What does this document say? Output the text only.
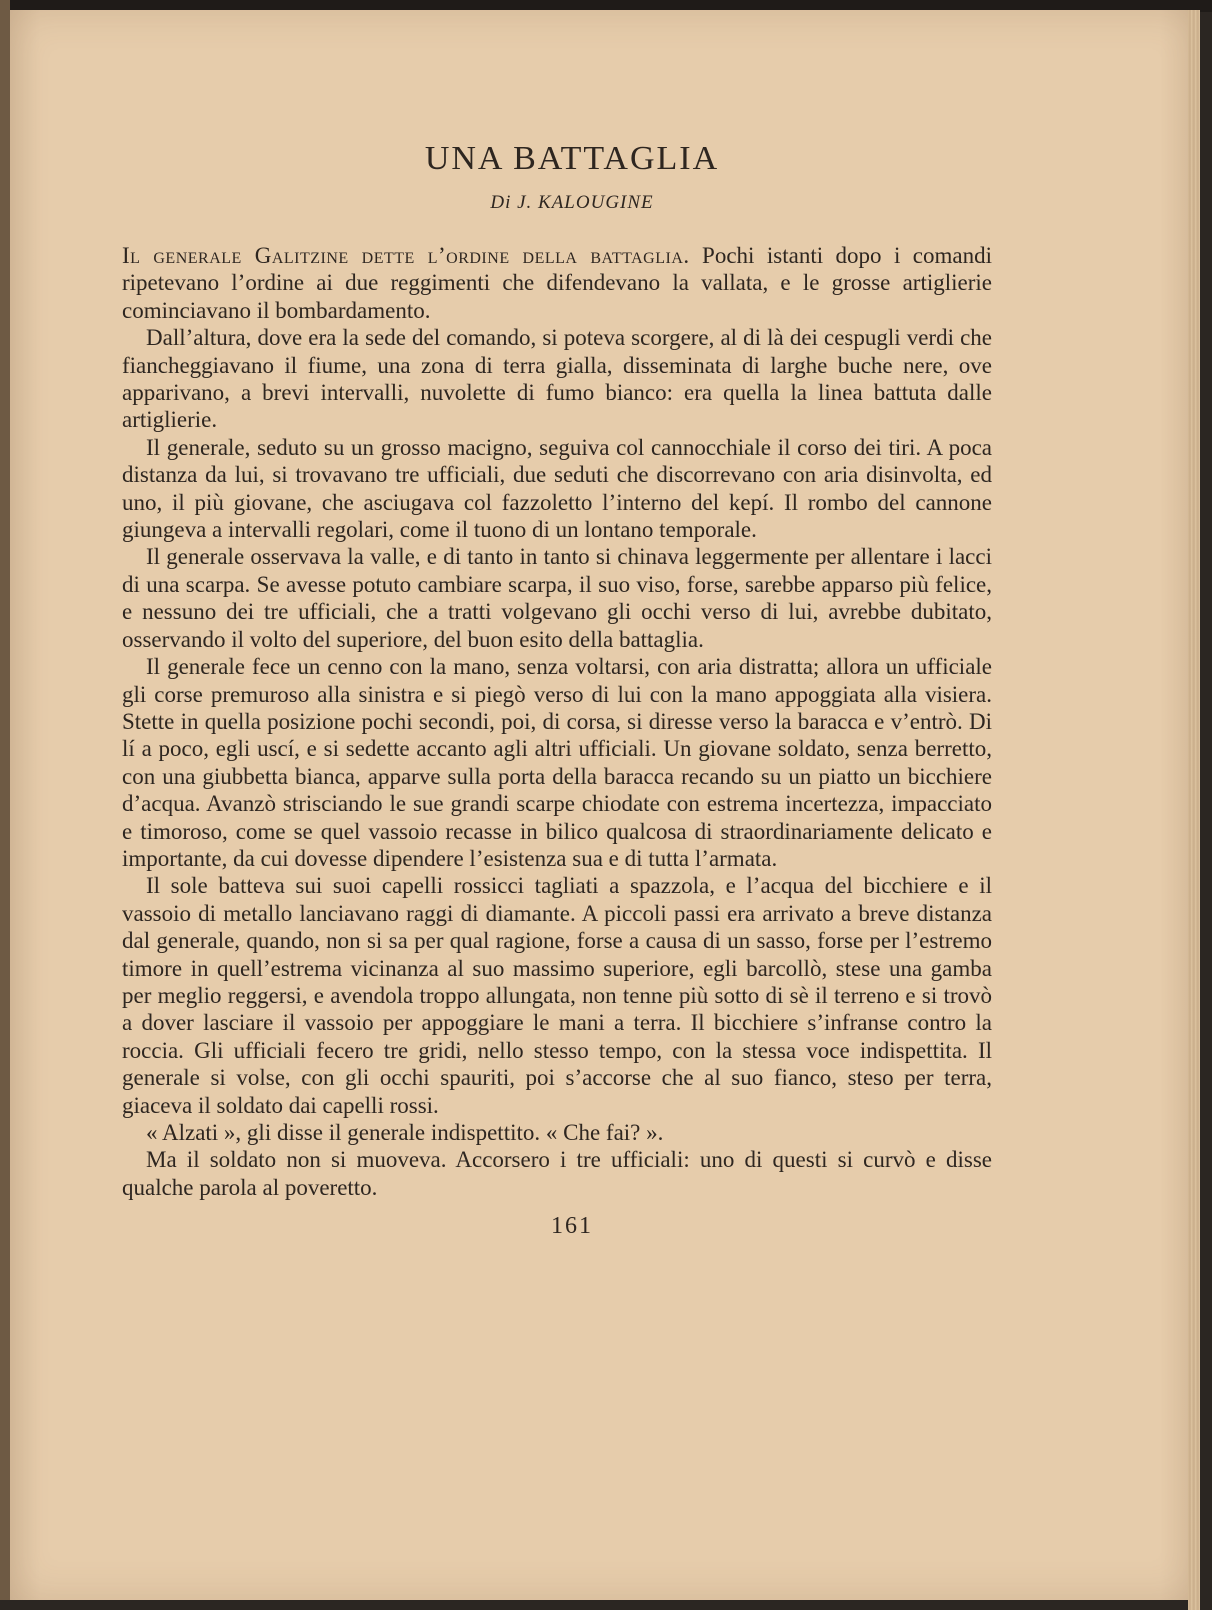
UNA BATTAGLIA
Di J. KALOUGINE

Il generale Galitzine dette l’ordine della battaglia. Pochi istanti dopo i comandi ripetevano l’ordine ai due reggimenti che difendevano la vallata, e le grosse artiglierie cominciavano il bombardamento.

Dall’altura, dove era la sede del comando, si poteva scorgere, al di là dei cespugli verdi che fiancheggiavano il fiume, una zona di terra gialla, disseminata di larghe buche nere, ove apparivano, a brevi intervalli, nuvolette di fumo bianco: era quella la linea battuta dalle artiglierie.

Il generale, seduto su un grosso macigno, seguiva col cannocchiale il corso dei tiri. A poca distanza da lui, si trovavano tre ufficiali, due seduti che discorrevano con aria disinvolta, ed uno, il più giovane, che asciugava col fazzoletto l’interno del kepí. Il rombo del cannone giungeva a intervalli regolari, come il tuono di un lontano temporale.

Il generale osservava la valle, e di tanto in tanto si chinava leggermente per allentare i lacci di una scarpa. Se avesse potuto cambiare scarpa, il suo viso, forse, sarebbe apparso più felice, e nessuno dei tre ufficiali, che a tratti volgevano gli occhi verso di lui, avrebbe dubitato, osservando il volto del superiore, del buon esito della battaglia.

Il generale fece un cenno con la mano, senza voltarsi, con aria distratta; allora un ufficiale gli corse premuroso alla sinistra e si piegò verso di lui con la mano appoggiata alla visiera. Stette in quella posizione pochi secondi, poi, di corsa, si diresse verso la baracca e v’entrò. Di lí a poco, egli uscí, e si sedette accanto agli altri ufficiali. Un giovane soldato, senza berretto, con una giubbetta bianca, apparve sulla porta della baracca recando su un piatto un bicchiere d’acqua. Avanzò strisciando le sue grandi scarpe chiodate con estrema incertezza, impacciato e timoroso, come se quel vassoio recasse in bilico qualcosa di straordinariamente delicato e importante, da cui dovesse dipendere l’esistenza sua e di tutta l’armata.

Il sole batteva sui suoi capelli rossicci tagliati a spazzola, e l’acqua del bicchiere e il vassoio di metallo lanciavano raggi di diamante. A piccoli passi era arrivato a breve distanza dal generale, quando, non si sa per qual ragione, forse a causa di un sasso, forse per l’estremo timore in quell’estrema vicinanza al suo massimo superiore, egli barcollò, stese una gamba per meglio reggersi, e avendola troppo allungata, non tenne più sotto di sè il terreno e si trovò a dover lasciare il vassoio per appoggiare le mani a terra. Il bicchiere s’infranse contro la roccia. Gli ufficiali fecero tre gridi, nello stesso tempo, con la stessa voce indispettita. Il generale si volse, con gli occhi spauriti, poi s’accorse che al suo fianco, steso per terra, giaceva il soldato dai capelli rossi.

« Alzati », gli disse il generale indispettito. « Che fai? ».

Ma il soldato non si muoveva. Accorsero i tre ufficiali: uno di questi si curvò e disse qualche parola al poveretto.

161
